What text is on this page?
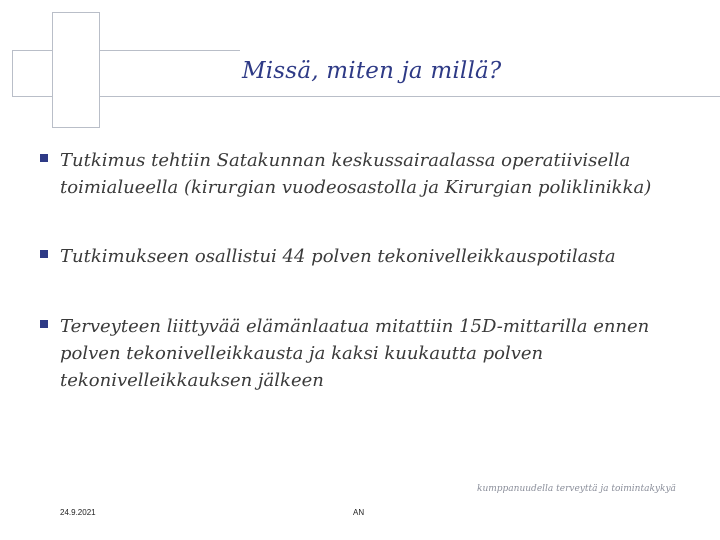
Missä, miten ja millä?
Tutkimus tehtiin Satakunnan keskussairaalassa operatiivisella toimialueella (kirurgian vuodeosastolla ja Kirurgian poliklinikka)
Tutkimukseen osallistui 44 polven tekonivelleikkauspotilasta
Terveyteen liittyvää elämänlaatua mitattiin 15D-mittarilla ennen polven tekonivelleikkausta ja kaksi kuukautta polven tekonivelleikkauksen jälkeen
kumppanuudella terveyttä ja toimintakykyä
24.9.2021	AN
